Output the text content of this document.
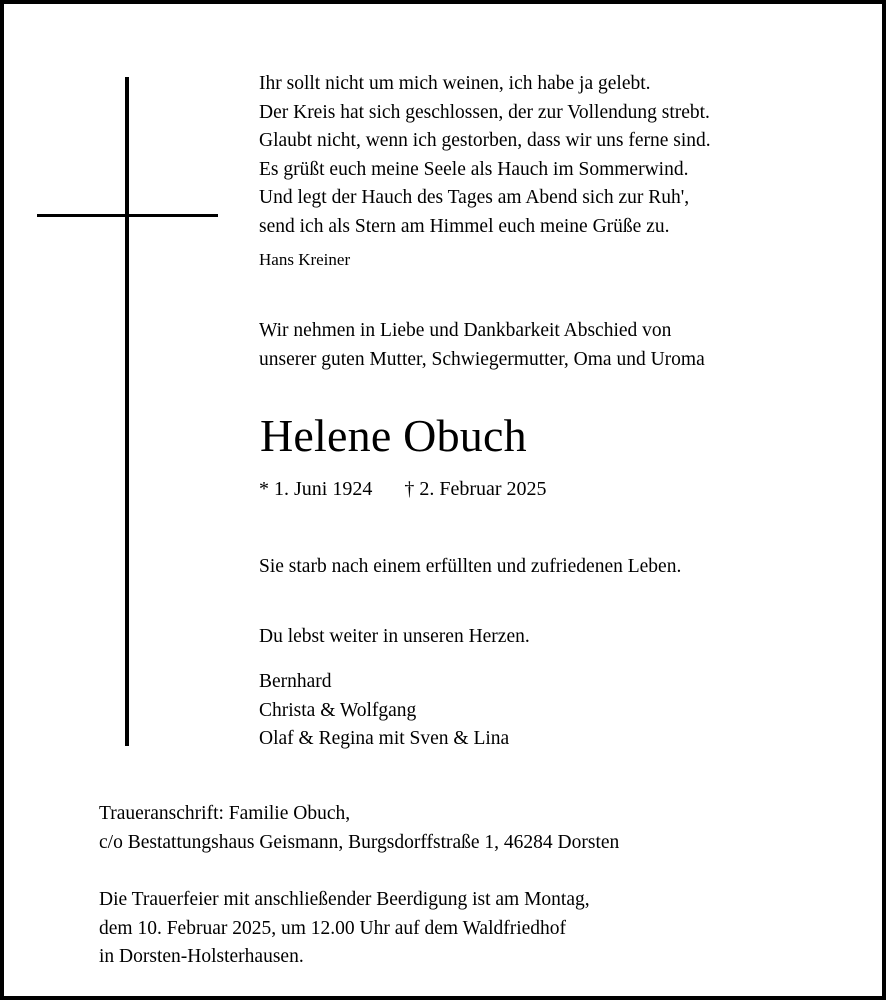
Ihr sollt nicht um mich weinen, ich habe ja gelebt.
Der Kreis hat sich geschlossen, der zur Vollendung strebt.
Glaubt nicht, wenn ich gestorben, dass wir uns ferne sind.
Es grüßt euch meine Seele als Hauch im Sommerwind.
Und legt der Hauch des Tages am Abend sich zur Ruh',
send ich als Stern am Himmel euch meine Grüße zu.
Hans Kreiner
Wir nehmen in Liebe und Dankbarkeit Abschied von
unserer guten Mutter, Schwiegermutter, Oma und Uroma
Helene Obuch
* 1. Juni 1924 † 2. Februar 2025
Sie starb nach einem erfüllten und zufriedenen Leben.
Du lebst weiter in unseren Herzen.
Bernhard
Christa & Wolfgang
Olaf & Regina mit Sven & Lina
Traueranschrift: Familie Obuch,
c/o Bestattungshaus Geismann, Burgsdorffstraße 1, 46284 Dorsten
Die Trauerfeier mit anschließender Beerdigung ist am Montag,
dem 10. Februar 2025, um 12.00 Uhr auf dem Waldfriedhof
in Dorsten-Holsterhausen.
